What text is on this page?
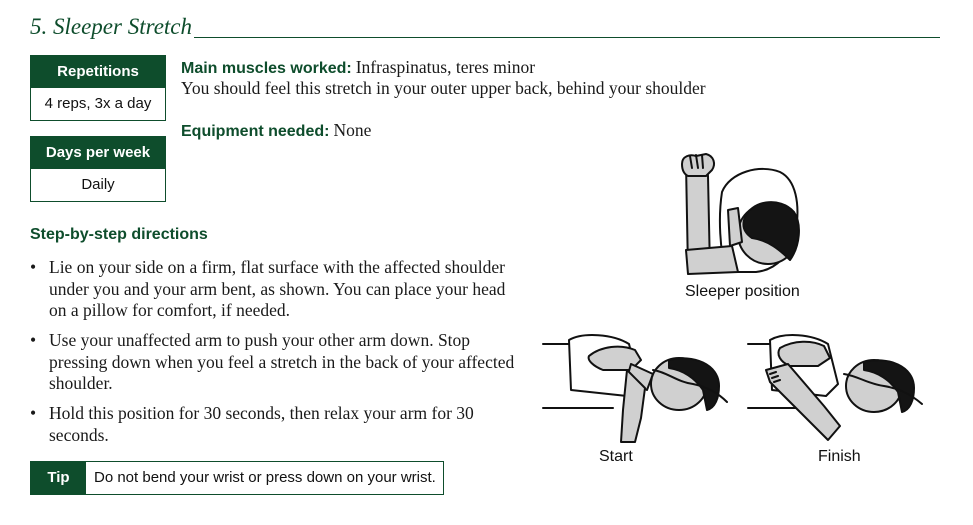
5. Sleeper Stretch
Repetitions
4 reps, 3x a day
Days per week
Daily
Main muscles worked: Infraspinatus, teres minor
You should feel this stretch in your outer upper back, behind your shoulder
Equipment needed: None
Step-by-step directions
• Lie on your side on a firm, flat surface with the affected shoulder under you and your arm bent, as shown. You can place your head on a pillow for comfort, if needed.
• Use your unaffected arm to push your other arm down. Stop pressing down when you feel a stretch in the back of your affected shoulder.
• Hold this position for 30 seconds, then relax your arm for 30 seconds.
Tip	Do not bend your wrist or press down on your wrist.
Sleeper position
Start	Finish
